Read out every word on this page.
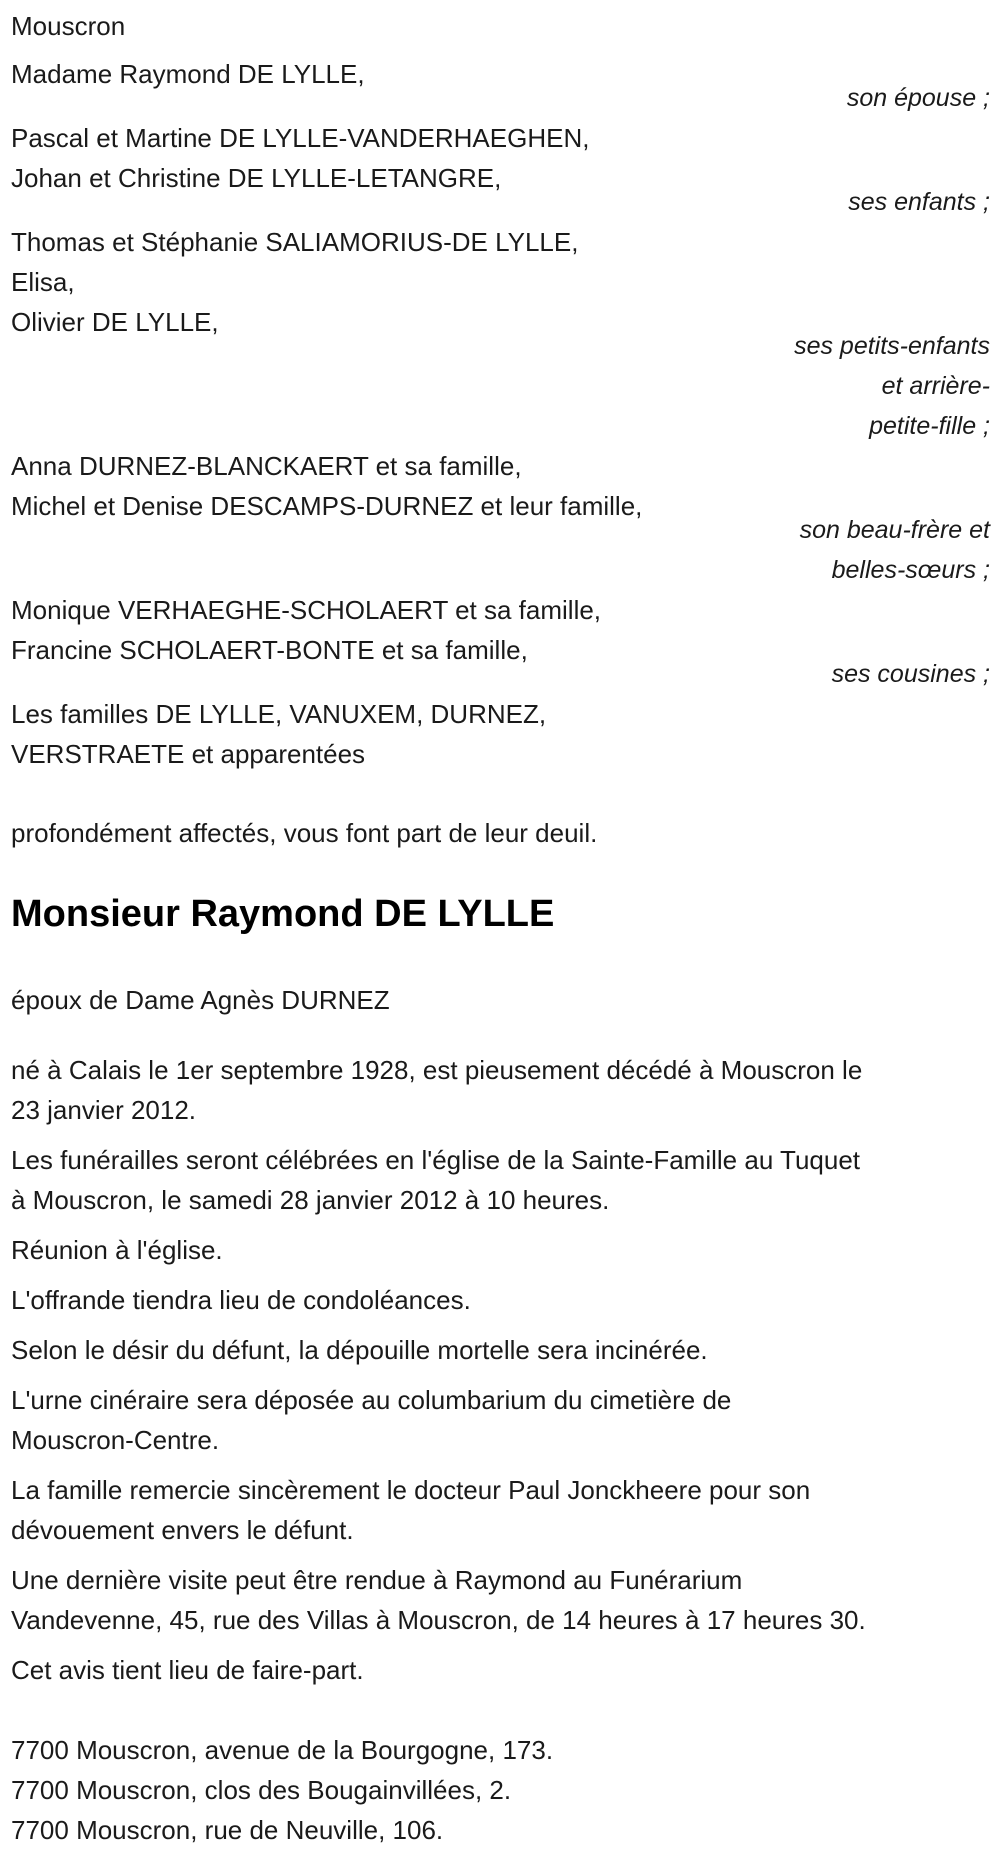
Mouscron
Madame Raymond DE LYLLE,
son épouse ;
Pascal et Martine DE LYLLE-VANDERHAEGHEN,
Johan et Christine DE LYLLE-LETANGRE,
ses enfants ;
Thomas et Stéphanie SALIAMORIUS-DE LYLLE,
Elisa,
Olivier DE LYLLE,
ses petits-enfants
et arrière-
petite-fille ;
Anna DURNEZ-BLANCKAERT et sa famille,
Michel et Denise DESCAMPS-DURNEZ et leur famille,
son beau-frère et
belles-sœurs ;
Monique VERHAEGHE-SCHOLAERT et sa famille,
Francine SCHOLAERT-BONTE et sa famille,
ses cousines ;
Les familles DE LYLLE, VANUXEM, DURNEZ,
VERSTRAETE et apparentées
profondément affectés, vous font part de leur deuil.
Monsieur Raymond DE LYLLE
époux de Dame Agnès DURNEZ
né à Calais le 1er septembre 1928, est pieusement décédé à Mouscron le
23 janvier 2012.
Les funérailles seront célébrées en l'église de la Sainte-Famille au Tuquet
à Mouscron, le samedi 28 janvier 2012 à 10 heures.
Réunion à l'église.
L'offrande tiendra lieu de condoléances.
Selon le désir du défunt, la dépouille mortelle sera incinérée.
L'urne cinéraire sera déposée au columbarium du cimetière de
Mouscron-Centre.
La famille remercie sincèrement le docteur Paul Jonckheere pour son
dévouement envers le défunt.
Une dernière visite peut être rendue à Raymond au Funérarium
Vandevenne, 45, rue des Villas à Mouscron, de 14 heures à 17 heures 30.
Cet avis tient lieu de faire-part.
7700 Mouscron, avenue de la Bourgogne, 173.
7700 Mouscron, clos des Bougainvillées, 2.
7700 Mouscron, rue de Neuville, 106.
